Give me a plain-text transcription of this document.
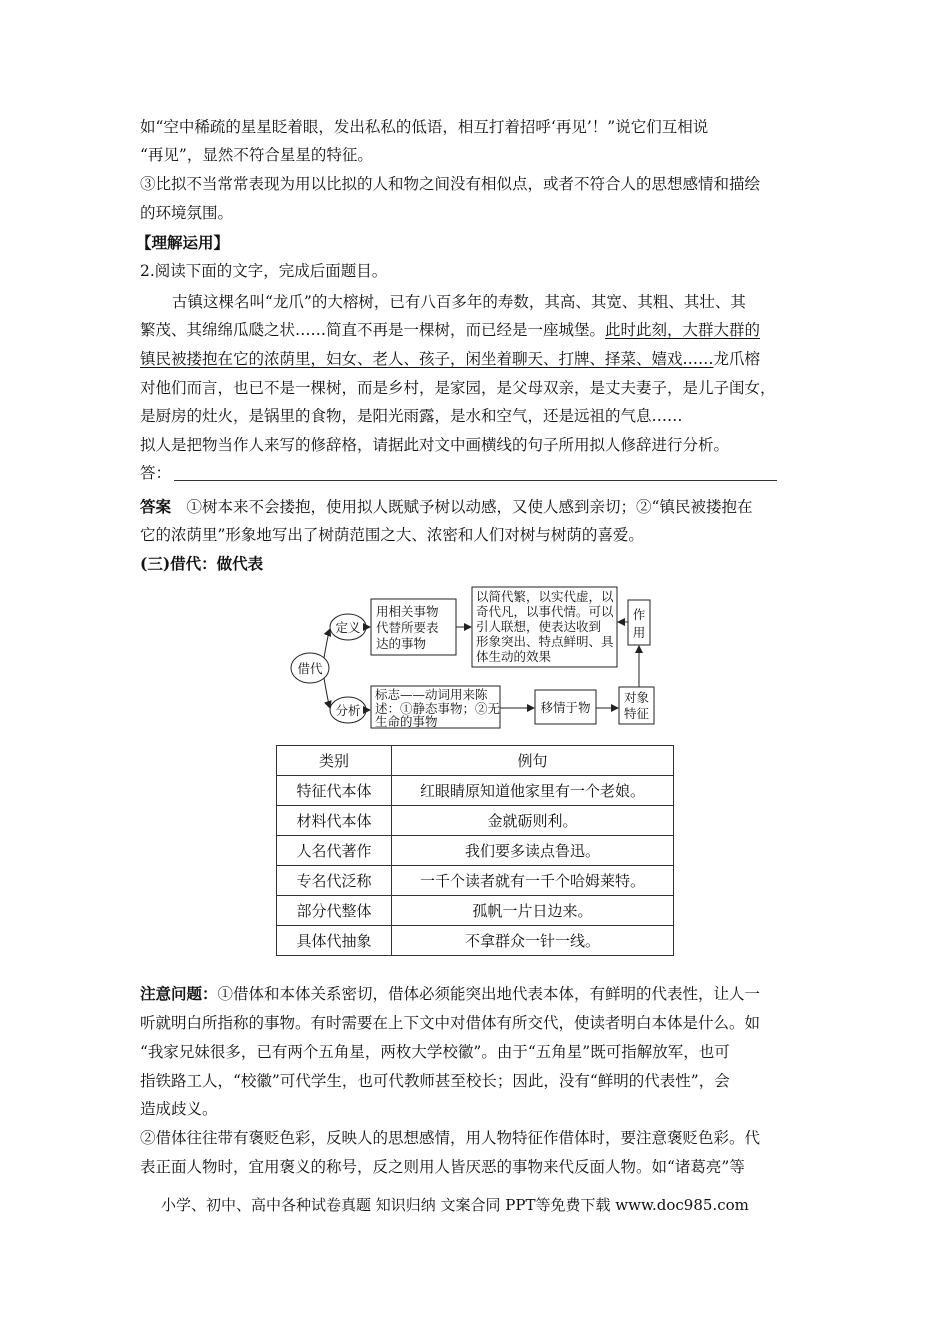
如“空中稀疏的星星眨着眼，发出私私的低语，相互打着招呼‘再见’！”说它们互相说
“再见”，显然不符合星星的特征。
③比拟不当常常表现为用以比拟的人和物之间没有相似点，或者不符合人的思想感情和描绘
的环境氛围。
【理解运用】
2.阅读下面的文字，完成后面题目。
古镇这棵名叫“龙爪”的大榕树，已有八百多年的寿数，其高、其宽、其粗、其壮、其
繁茂、其绵绵瓜瓞之状……简直不再是一棵树，而已经是一座城堡。此时此刻，大群大群的
镇民被搂抱在它的浓荫里，妇女、老人、孩子，闲坐着聊天、打牌、择菜、嬉戏……龙爪榕
对他们而言，也已不是一棵树，而是乡村，是家园，是父母双亲，是丈夫妻子，是儿子闺女，
是厨房的灶火，是锅里的食物，是阳光雨露，是水和空气，还是远祖的气息……
拟人是把物当作人来写的修辞格，请据此对文中画横线的句子所用拟人修辞进行分析。
答：
答案　 ①树本来不会搂抱，使用拟人既赋予树以动感，又使人感到亲切；②“镇民被搂抱在
它的浓荫里”形象地写出了树荫范围之大、浓密和人们对树与树荫的喜爱。
(三)借代：做代表
借代
定义
分析
用相关事物
代替所要表
达的事物
以简代繁，以实代虚，以
奇代凡，以事代情。可以
引人联想，使表达收到
形象突出、特点鲜明、具
体生动的效果
作
用
标志——动词用来陈
述：①静态事物；②无
生命的事物
移情于物
对象
特征
类别	例句
特征代本体	红眼睛原知道他家里有一个老娘。
材料代本体	金就砺则利。
人名代著作	我们要多读点鲁迅。
专名代泛称	一千个读者就有一千个哈姆莱特。
部分代整体	孤帆一片日边来。
具体代抽象	不拿群众一针一线。
注意问题：①借体和本体关系密切，借体必须能突出地代表本体，有鲜明的代表性，让人一
听就明白所指称的事物。有时需要在上下文中对借体有所交代，使读者明白本体是什么。如
“我家兄妹很多，已有两个五角星，两枚大学校徽”。由于“五角星”既可指解放军，也可
指铁路工人，“校徽”可代学生，也可代教师甚至校长；因此，没有“鲜明的代表性”，会
造成歧义。
②借体往往带有褒贬色彩，反映人的思想感情，用人物特征作借体时，要注意褒贬色彩。代
表正面人物时，宜用褒义的称号，反之则用人皆厌恶的事物来代反面人物。如“诸葛亮”等
小学、初中、高中各种试卷真题 知识归纳 文案合同 PPT等免费下载 www.doc985.com
